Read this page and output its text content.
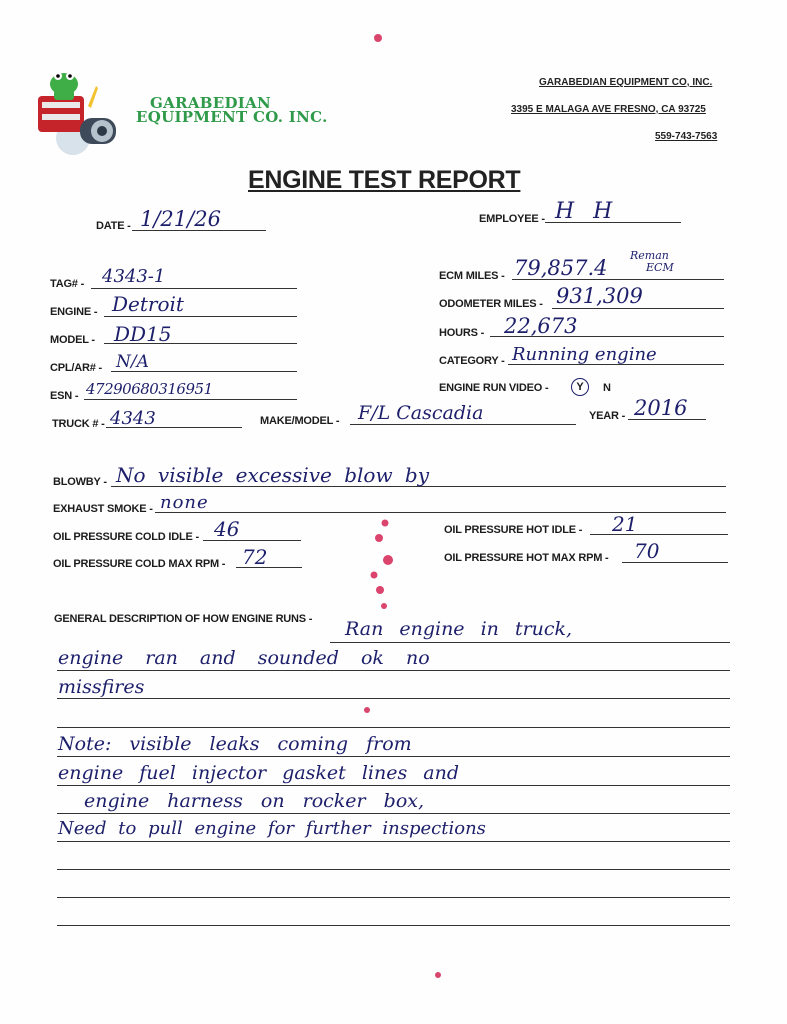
GARABEDIAN
EQUIPMENT CO. INC.
GARABEDIAN EQUIPMENT CO, INC.
3395 E MALAGA AVE FRESNO, CA 93725
559-743-7563
ENGINE TEST REPORT
DATE - 1/21/26	EMPLOYEE - H H
TAG# - 4343-1
ENGINE - Detroit
MODEL - DD15
CPL/AR# - N/A
ESN - 47290680316951
TRUCK # - 4343	MAKE/MODEL - F/L Cascadia	YEAR - 2016
ECM MILES - 79,857.4
Reman
ECM
ODOMETER MILES - 931,309
HOURS - 22,673
CATEGORY - Running engine
ENGINE RUN VIDEO -	Y	N
BLOWBY - No visible excessive blow by
EXHAUST SMOKE - none
OIL PRESSURE COLD IDLE - 46
OIL PRESSURE COLD MAX RPM - 72
OIL PRESSURE HOT IDLE - 21
OIL PRESSURE HOT MAX RPM - 70
GENERAL DESCRIPTION OF HOW ENGINE RUNS - Ran engine in truck,
engine ran and sounded ok no
missfires
Note: visible leaks coming from
engine fuel injector gasket lines and
engine harness on rocker box,
Need to pull engine for further inspections
